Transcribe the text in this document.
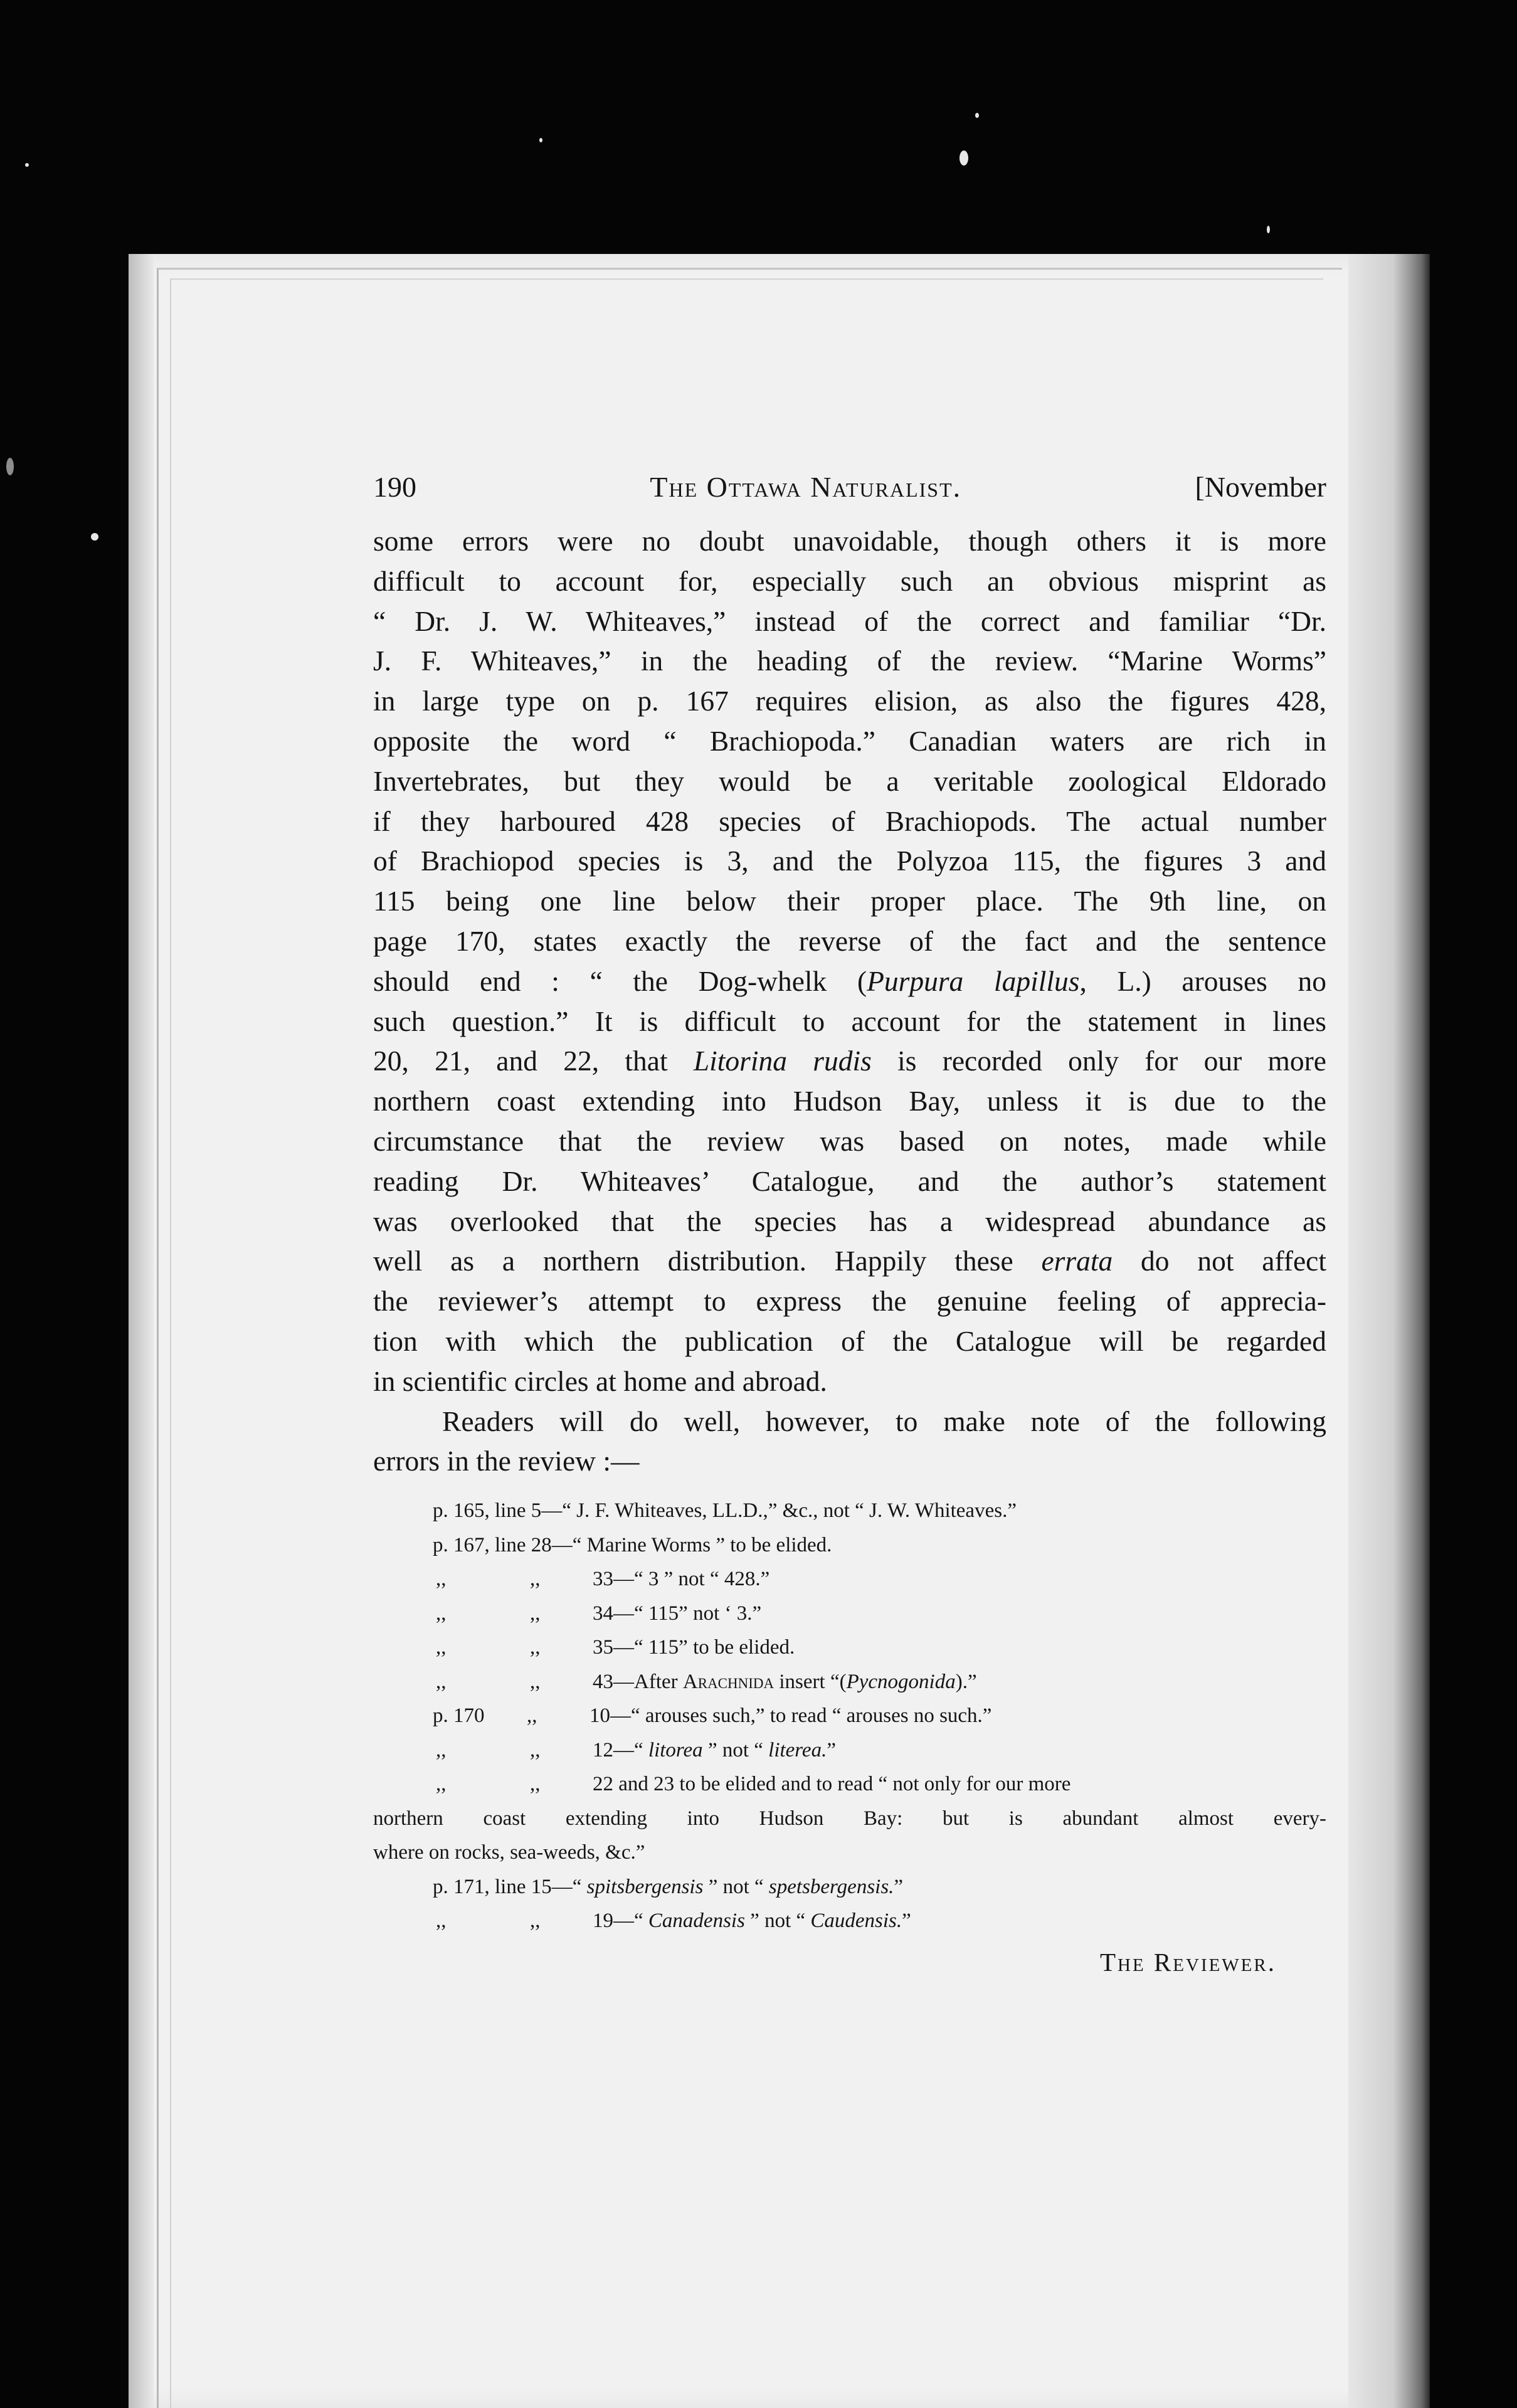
190	The Ottawa Naturalist.	[November
some errors were no doubt unavoidable, though others it is more
difficult to account for, especially such an obvious misprint as
“ Dr. J. W. Whiteaves,” instead of the correct and familiar “Dr.
J. F. Whiteaves,” in the heading of the review. “Marine Worms”
in large type on p. 167 requires elision, as also the figures 428,
opposite the word “ Brachiopoda.” Canadian waters are rich in
Invertebrates, but they would be a veritable zoological Eldorado
if they harboured 428 species of Brachiopods. The actual number
of Brachiopod species is 3, and the Polyzoa 115, the figures 3 and
115 being one line below their proper place. The 9th line, on
page 170, states exactly the reverse of the fact and the sentence
should end : “ the Dog-whelk (Purpura lapillus, L.) arouses no
such question.” It is difficult to account for the statement in lines
20, 21, and 22, that Litorina rudis is recorded only for our more
northern coast extending into Hudson Bay, unless it is due to the
circumstance that the review was based on notes, made while
reading Dr. Whiteaves’ Catalogue, and the author’s statement
was overlooked that the species has a widespread abundance as
well as a northern distribution. Happily these errata do not affect
the reviewer’s attempt to express the genuine feeling of apprecia-
tion with which the publication of the Catalogue will be regarded
in scientific circles at home and abroad.
Readers will do well, however, to make note of the following
errors in the review :—
p. 165, line 5—“ J. F. Whiteaves, LL.D.,” &c., not “ J. W. Whiteaves.”
p. 167, line 28—“ Marine Worms ” to be elided.
,,	,,	33—“ 3 ” not “ 428.”
,,	,,	34—“ 115” not ‘ 3.”
,,	,,	35—“ 115” to be elided.
,,	,,	43—After Arachnida insert “(Pycnogonida).”
p. 170 ,,	10—“ arouses such,” to read “ arouses no such.”
,,	,,	12—“ litorea ” not “ literea.”
,,	,,	22 and 23 to be elided and to read “ not only for our more
northern coast extending into Hudson Bay: but is abundant almost every-
where on rocks, sea-weeds, &c.”
p. 171, line 15—“ spitsbergensis ” not “ spetsbergensis.”
,,	,,	19—“ Canadensis ” not “ Caudensis.”
The Reviewer.
